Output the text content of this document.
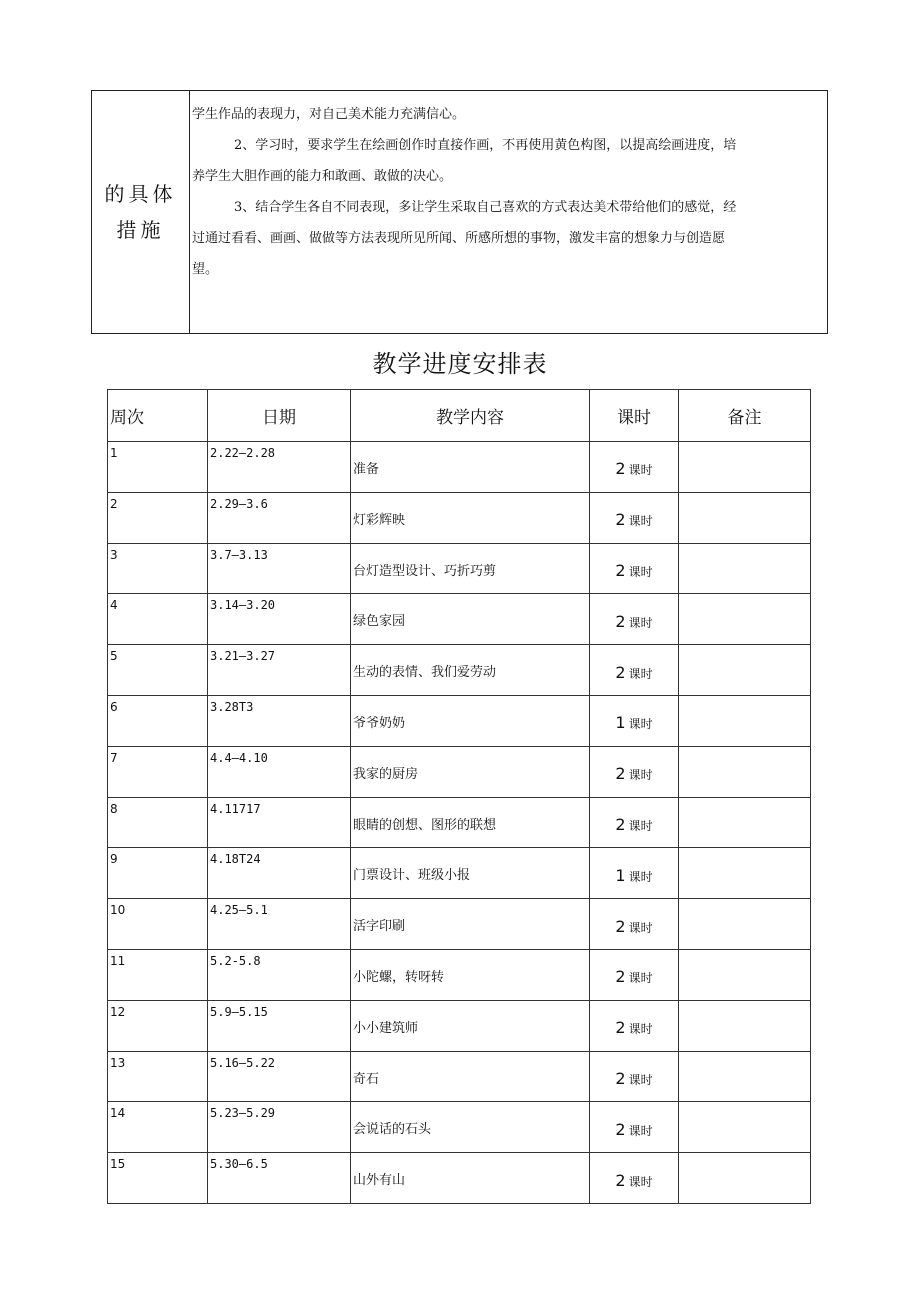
的具体
措施

学生作品的表现力，对自己美术能力充满信心。

2、学习时，要求学生在绘画创作时直接作画，不再使用黄色构图，以提高绘画进度，培

养学生大胆作画的能力和敢画、敢做的决心。

3、结合学生各自不同表现，多让学生采取自己喜欢的方式表达美术带给他们的感觉，经

过通过看看、画画、做做等方法表现所见所闻、所感所想的事物，激发丰富的想象力与创造愿

望。

教学进度安排表
周次	日期	教学内容	课时	备注
1	2.22—2.28	准备	2 课时	
2	2.29—3.6	灯彩辉映	2 课时	
3	3.7—3.13	台灯造型设计、巧折巧剪	2 课时	
4	3.14—3.20	绿色家园	2 课时	
5	3.21—3.27	生动的表情、我们爱劳动	2 课时	
6	3.28T3	爷爷奶奶	1 课时	
7	4.4—4.10	我家的厨房	2 课时	
8	4.11717	眼睛的创想、图形的联想	2 课时	
9	4.18T24	门票设计、班级小报	1 课时	
10	4.25—5.1	活字印刷	2 课时	
11	5.2-5.8	小陀螺，转呀转	2 课时	
12	5.9—5.15	小小建筑师	2 课时	
13	5.16—5.22	奇石	2 课时	
14	5.23—5.29	会说话的石头	2 课时	
15	5.30—6.5	山外有山	2 课时	
